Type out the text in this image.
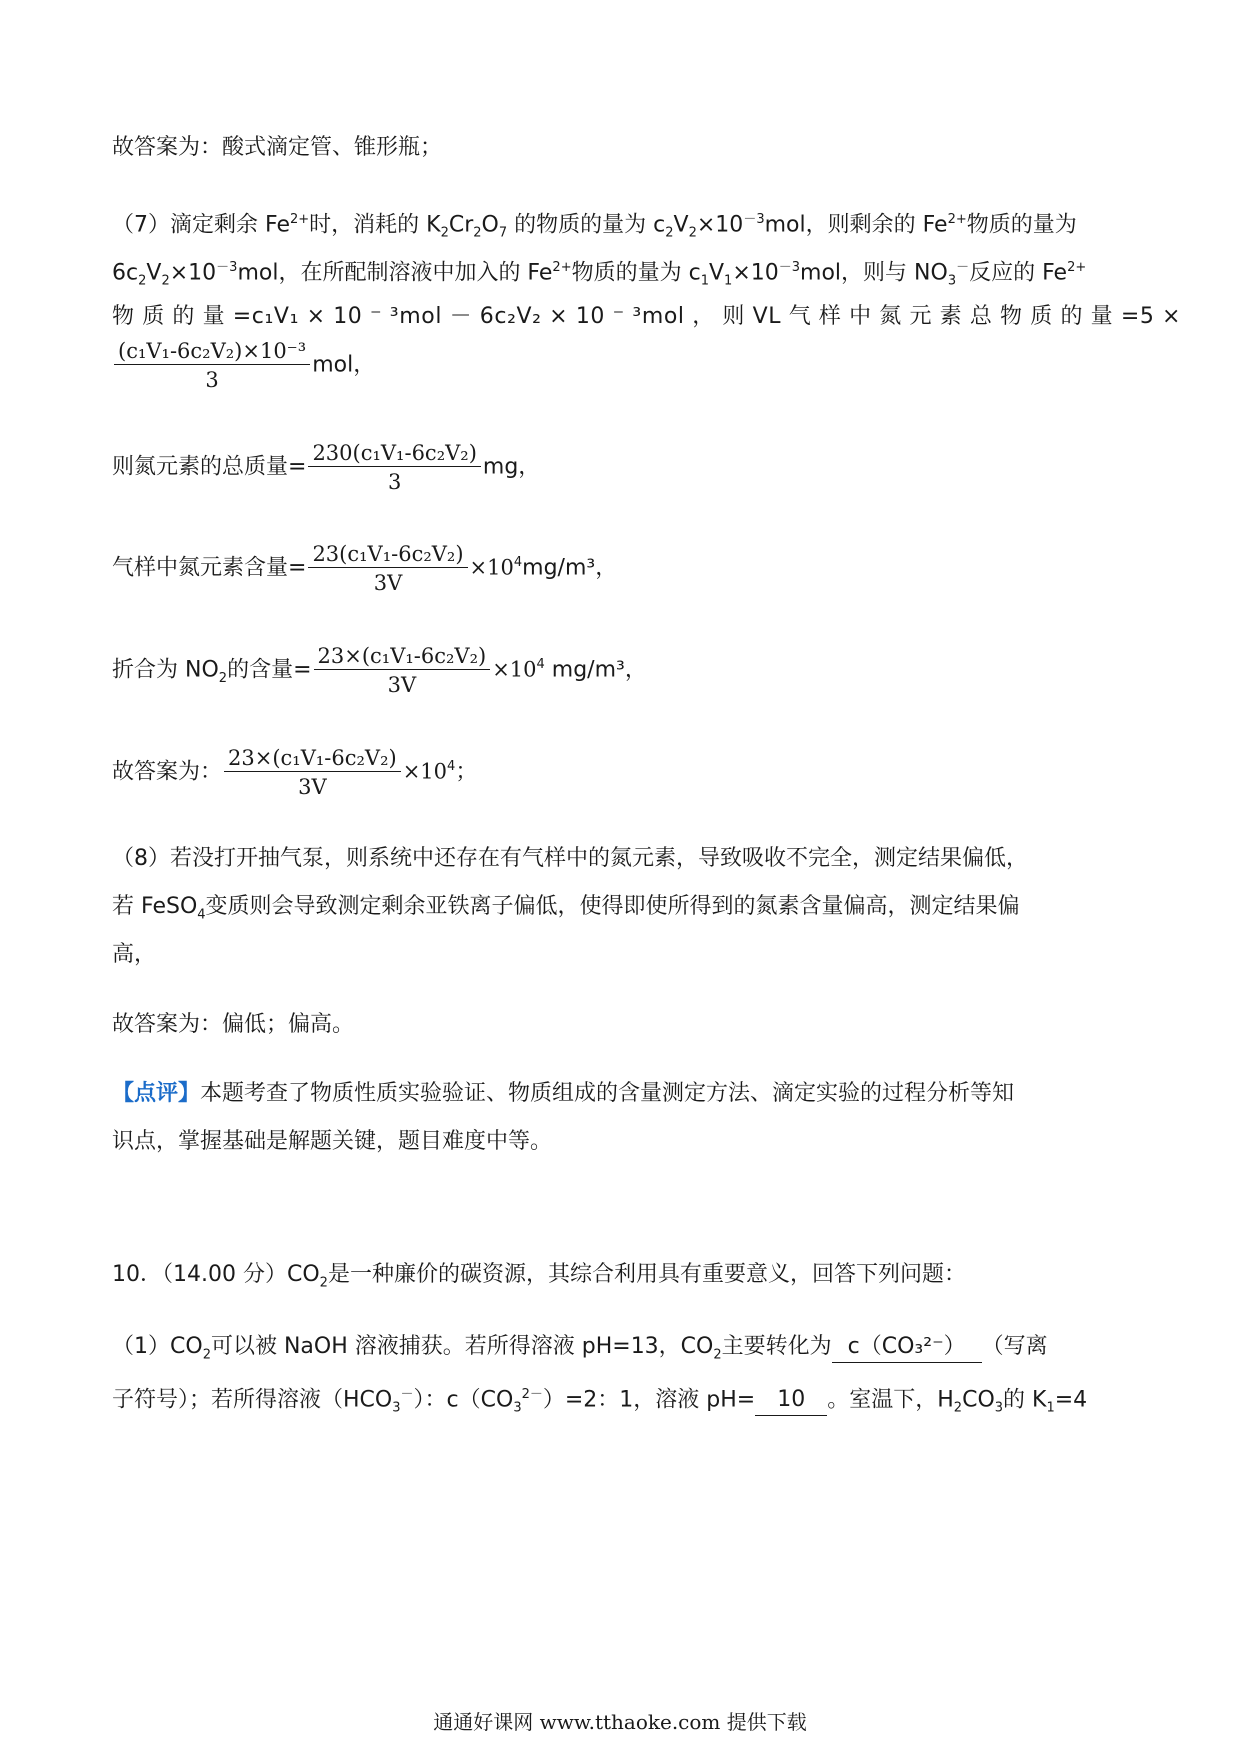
故答案为：酸式滴定管、锥形瓶；
（7）滴定剩余 $Fe^{2+}$时，消耗的 $K_2Cr_2O_7$ 的物质的量为 $c_2V_2\times 10^{-3}mol$，则剩余的 $Fe^{2+}$物质的量为
$6c_2V_2\times 10^{-3}mol$，在所配制溶液中加入的 $Fe^{2+}$物质的量为 $c_1V_1\times 10^{-3}mol$，则与 $NO_3^-$反应的 $Fe^{2+}$
物 质 的 量 =c₁V₁ × 10 ⁻ ³mol － 6c₂V₂ × 10 ⁻ ³mol ， 则 VL 气 样 中 氮 元 素 总 物 质 的 量 =5 ×
$\frac{\text{(c₁V₁-6c₂V₂)×10⁻³}}{3}$ mol，
则氮元素的总质量= $\frac{\text{230(c₁V₁-6c₂V₂)}}{3}$ mg，
气样中氮元素含量= $\frac{\text{23(c₁V₁-6c₂V₂)}}{3V} \times 10^4mg/m^3$，
折合为 $NO_2$的含量= $\frac{\text{23×(c₁V₁-6c₂V₂)}}{3V} \times 10^4$ mg/m³，
故答案为： $\frac{\text{23×(c₁V₁-6c₂V₂)}}{3V} \times 10^4$；
（8）若没打开抽气泵，则系统中还存在有气样中的氮元素，导致吸收不完全，测定结果偏低，
若 FeSO$_4$变质则会导致测定剩余亚铁离子偏低，使得即使所得到的氮素含量偏高，测定结果偏
高，
故答案为：偏低；偏高。
【点评】本题考查了物质性质实验验证、物质组成的含量测定方法、滴定实验的过程分析等知
识点，掌握基础是解题关键，题目难度中等。
10．（14.00 分）$CO_2$是一种廉价的碳资源，其综合利用具有重要意义，回答下列问题：
$(1)CO_2$可以被 NaOH 溶液捕获。若所得溶液 pH=13，$CO_2$主要转化为 c（CO₃²⁻） （写离
子符号）；若所得溶液$(HCO_3^-)$：$c(CO_3^{2-})=2$：1，溶液 pH= 10 。室温下，$H_2CO_3$的 $K_1=4$
通通好课网 www.tthaoke.com 提供下载
